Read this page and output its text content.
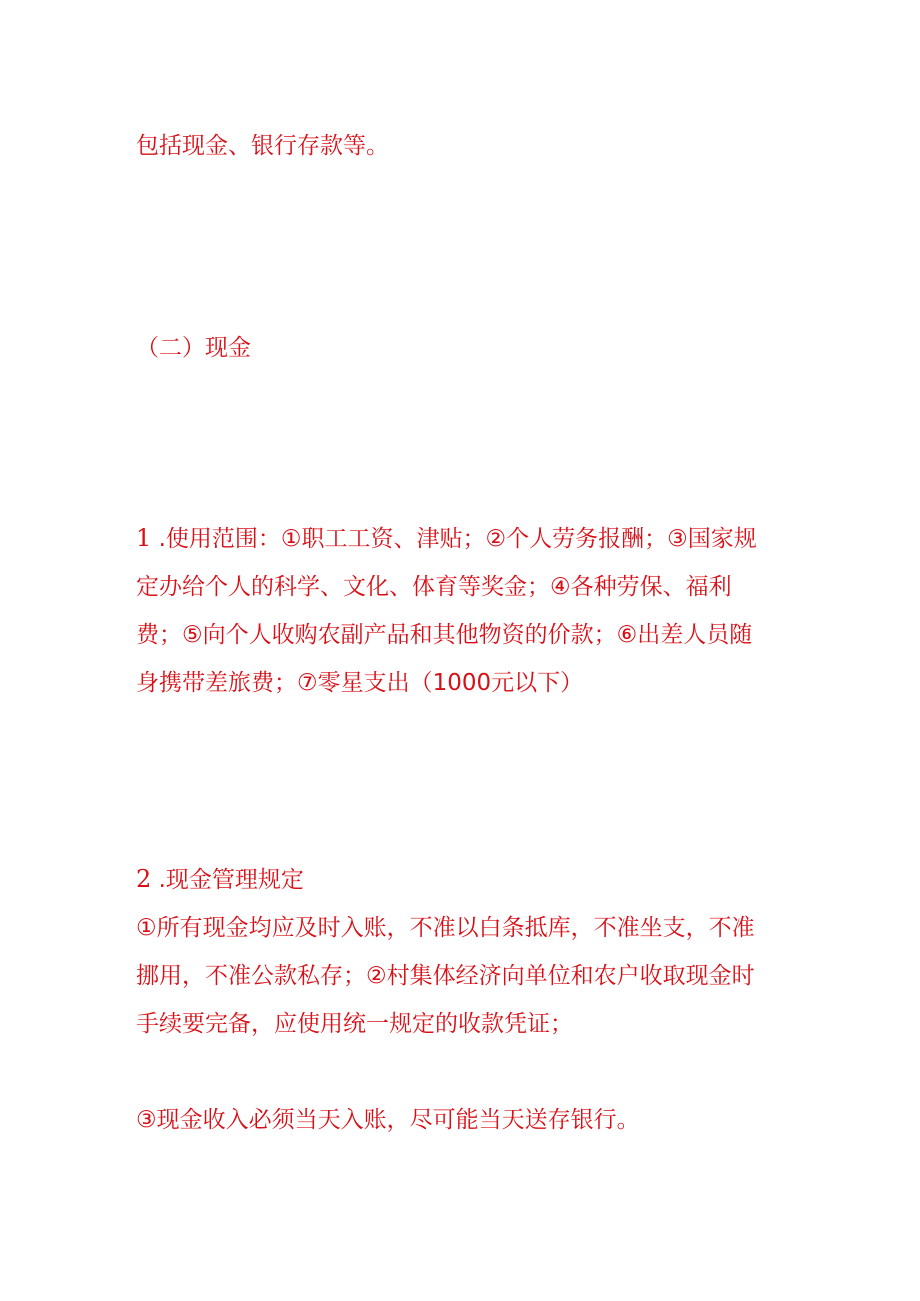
包括现金、银行存款等。

（二）现金

1 .使用范围：①职工工资、津贴；②个人劳务报酬；③国家规
定办给个人的科学、文化、体育等奖金；④各种劳保、福利
费；⑤向个人收购农副产品和其他物资的价款；⑥出差人员随
身携带差旅费；⑦零星支出（1000元以下）

2 .现金管理规定
①所有现金均应及时入账，不准以白条抵库，不准坐支，不准
挪用，不准公款私存；②村集体经济向单位和农户收取现金时
手续要完备，应使用统一规定的收款凭证；

③现金收入必须当天入账，尽可能当天送存银行。
